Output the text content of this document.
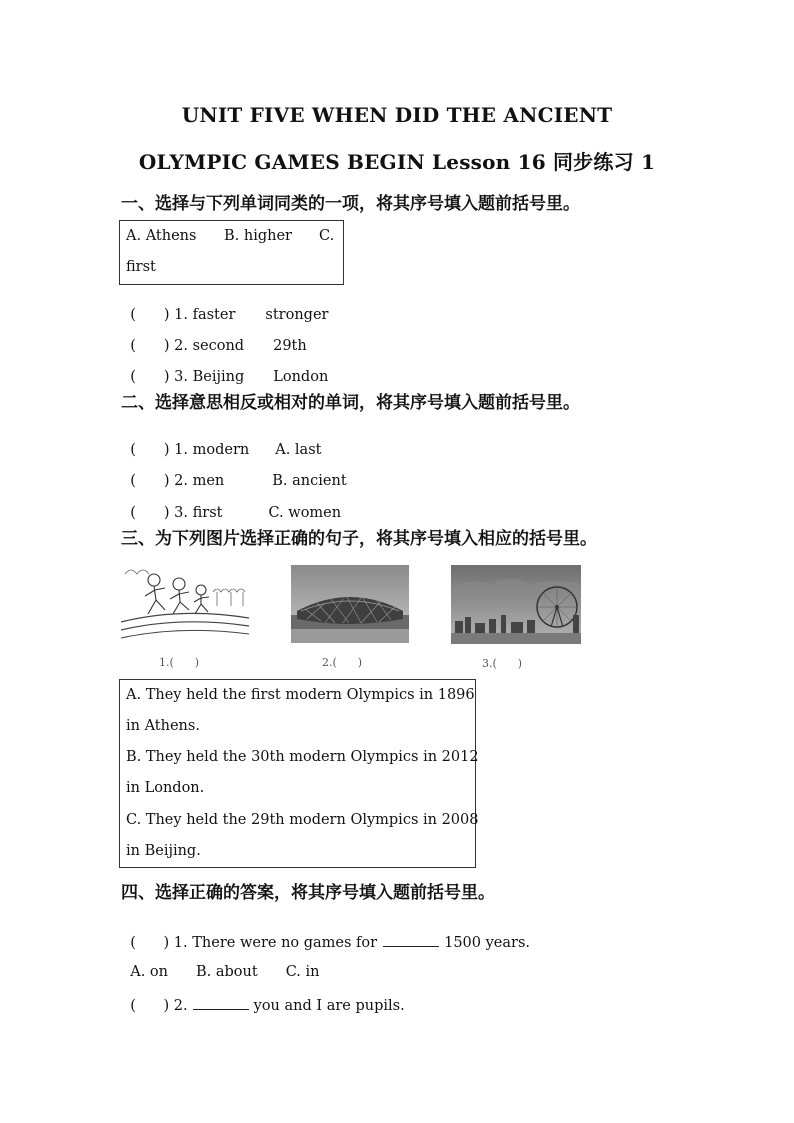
UNIT FIVE WHEN DID THE ANCIENT
OLYMPIC GAMES BEGIN Lesson 16 同步练习 1
一、选择与下列单词同类的一项，将其序号填入题前括号里。
A. Athens B. higher C.
first

( ) 1. faster stronger

( ) 2. second 29th

( ) 3. Beijing London

二、选择意思相反或相对的单词，将其序号填入题前括号里。

( ) 1. modern A. last

( ) 2. men	B. ancient

( ) 3. first	C. women

三、为下列图片选择正确的句子，将其序号填入相应的括号里。
1.(      )	2.(      )	3.(      )
A. They held the first modern Olympics in 1896
in Athens.
B. They held the 30th modern Olympics in 2012
in London.
C. They held the 29th modern Olympics in 2008
in Beijing.
四、选择正确的答案，将其序号填入题前括号里。

(      ) 1. There were no games for	1500 years.

A. on B. about C. in

(      ) 2.	you and I are pupils.
